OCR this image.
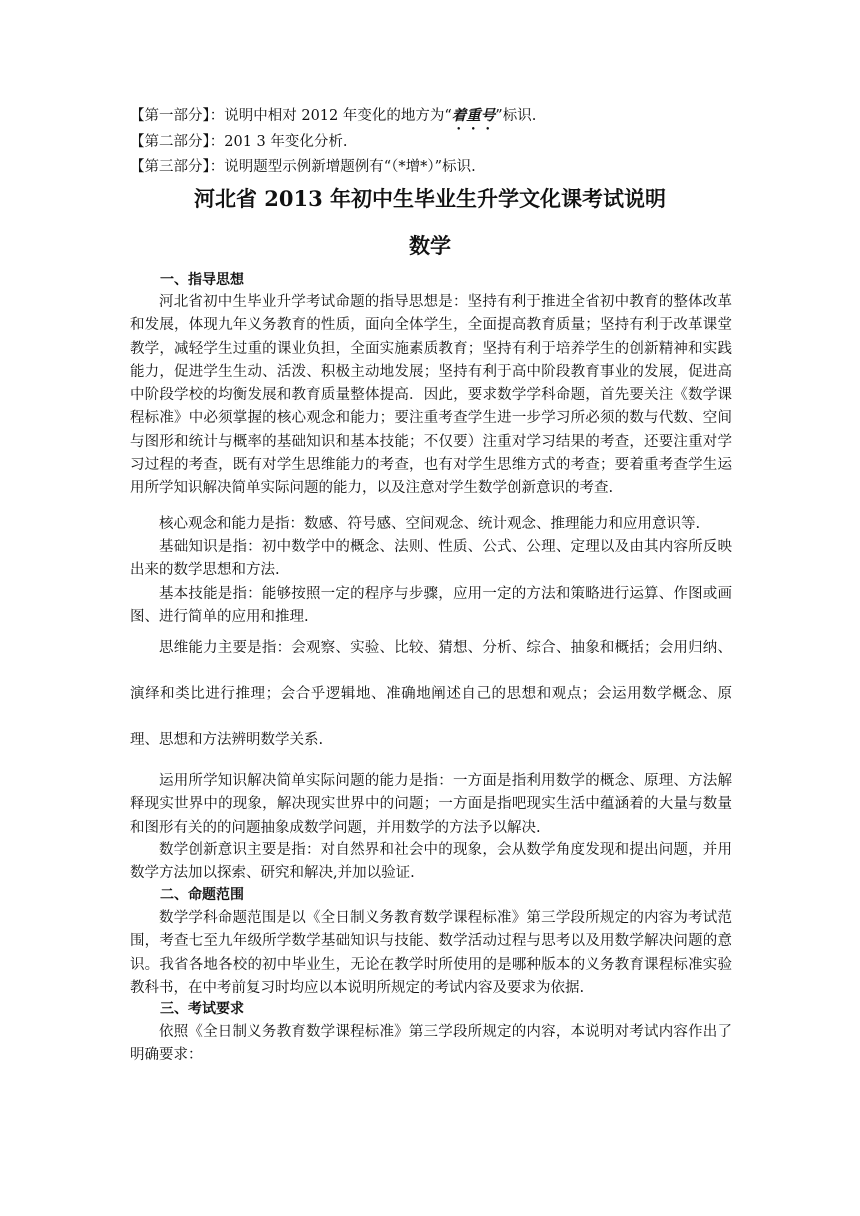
【第一部分】：说明中相对 2012 年变化的地方为“着重号”标识.
【第二部分】：201 3 年变化分析.
【第三部分】：说明题型示例新增题例有“（*增*）”标识.
河北省 2013 年初中生毕业生升学文化课考试说明
数学
一、指导思想
河北省初中生毕业升学考试命题的指导思想是：坚持有利于推进全省初中教育的整体改革和发展，体现九年义务教育的性质，面向全体学生，全面提高教育质量；坚持有利于改革课堂教学，减轻学生过重的课业负担，全面实施素质教育；坚持有利于培养学生的创新精神和实践能力，促进学生生动、活泼、积极主动地发展；坚持有利于高中阶段教育事业的发展，促进高中阶段学校的均衡发展和教育质量整体提高．因此，要求数学学科命题，首先要关注《数学课程标准》中必须掌握的核心观念和能力；要注重考查学生进一步学习所必须的数与代数、空间与图形和统计与概率的基础知识和基本技能；不仅要）注重对学习结果的考查，还要注重对学习过程的考查，既有对学生思维能力的考查，也有对学生思维方式的考查；要着重考查学生运用所学知识解决简单实际问题的能力，以及注意对学生数学创新意识的考查.
核心观念和能力是指：数感、符号感、空间观念、统计观念、推理能力和应用意识等.
基础知识是指：初中数学中的概念、法则、性质、公式、公理、定理以及由其内容所反映出来的数学思想和方法.
基本技能是指：能够按照一定的程序与步骤，应用一定的方法和策略进行运算、作图或画图、进行简单的应用和推理.
思维能力主要是指：会观察、实验、比较、猜想、分析、综合、抽象和概括；会用归纳、演绎和类比进行推理；会合乎逻辑地、准确地阐述自己的思想和观点；会运用数学概念、原理、思想和方法辨明数学关系.
运用所学知识解决简单实际问题的能力是指：一方面是指利用数学的概念、原理、方法解释现实世界中的现象，解决现实世界中的问题；一方面是指吧现实生活中蕴涵着的大量与数量和图形有关的的问题抽象成数学问题，并用数学的方法予以解决.
数学创新意识主要是指：对自然界和社会中的现象，会从数学角度发现和提出问题，并用数学方法加以探索、研究和解决,并加以验证.
二、命题范围
数学学科命题范围是以《全日制义务教育数学课程标准》第三学段所规定的内容为考试范围，考查七至九年级所学数学基础知识与技能、数学活动过程与思考以及用数学解决问题的意识。我省各地各校的初中毕业生，无论在教学时所使用的是哪种版本的义务教育课程标准实验教科书，在中考前复习时均应以本说明所规定的考试内容及要求为依据.
三、考试要求
依照《全日制义务教育数学课程标准》第三学段所规定的内容，本说明对考试内容作出了明确要求：
